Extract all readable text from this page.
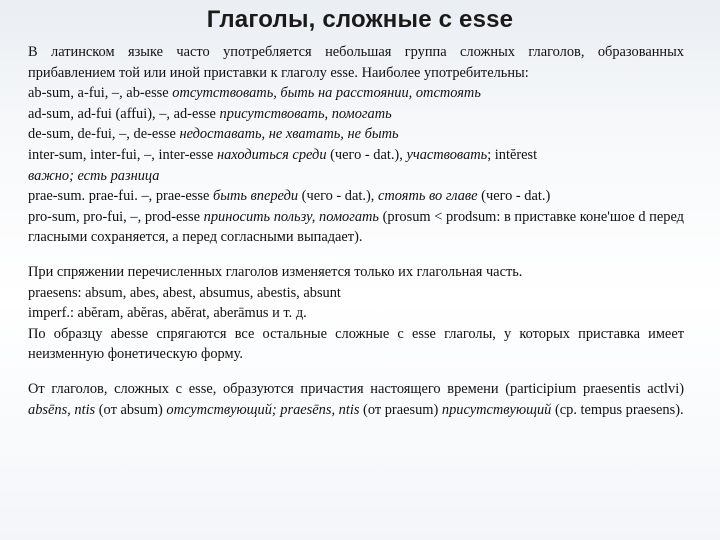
Глаголы, сложные с esse

В латинском языке часто употребляется небольшая группа сложных глаголов, образованных прибавлением той или иной приставки к глаголу esse. Наиболее употребительны:

ab-sum, a-fui, –, ab-esse отсутствовать, быть на расстоянии, отстоять

ad-sum, ad-fui (affui), –, ad-esse присутствовать, помогать

de-sum, de-fui, –, de-esse недоставать, не хватать, не быть

inter-sum, inter-fui, –, inter-esse находиться среди (чего - dat.), участвовать; intĕrest
важно; есть разница

prae-sum. prae-fui. –, prae-esse быть впереди (чего - dat.), стоять во главе (чего - dat.)

pro-sum, pro-fui, –, prod-esse приносить пользу, помогать (prosum < prodsum: в приставке коне'шое d перед гласными сохраняется, а перед согласными выпадает).

При спряжении перечисленных глаголов изменяется только их глагольная часть.

praesens: absum, abes, abest, absumus, abestis, absunt

imperf.: abĕram, abĕras, abĕrat, aberāmus и т. д.

По образцу abesse спрягаются все остальные сложные с esse глаголы, у которых приставка имеет неизменную фонетическую форму.

От глаголов, сложных с esse, образуются причастия настоящего времени (participium praesentis actlvi) absēns, ntis (от absum) отсутствующий; praesēns, ntis (от praesum) присутствующий (ср. tempus praesens).
